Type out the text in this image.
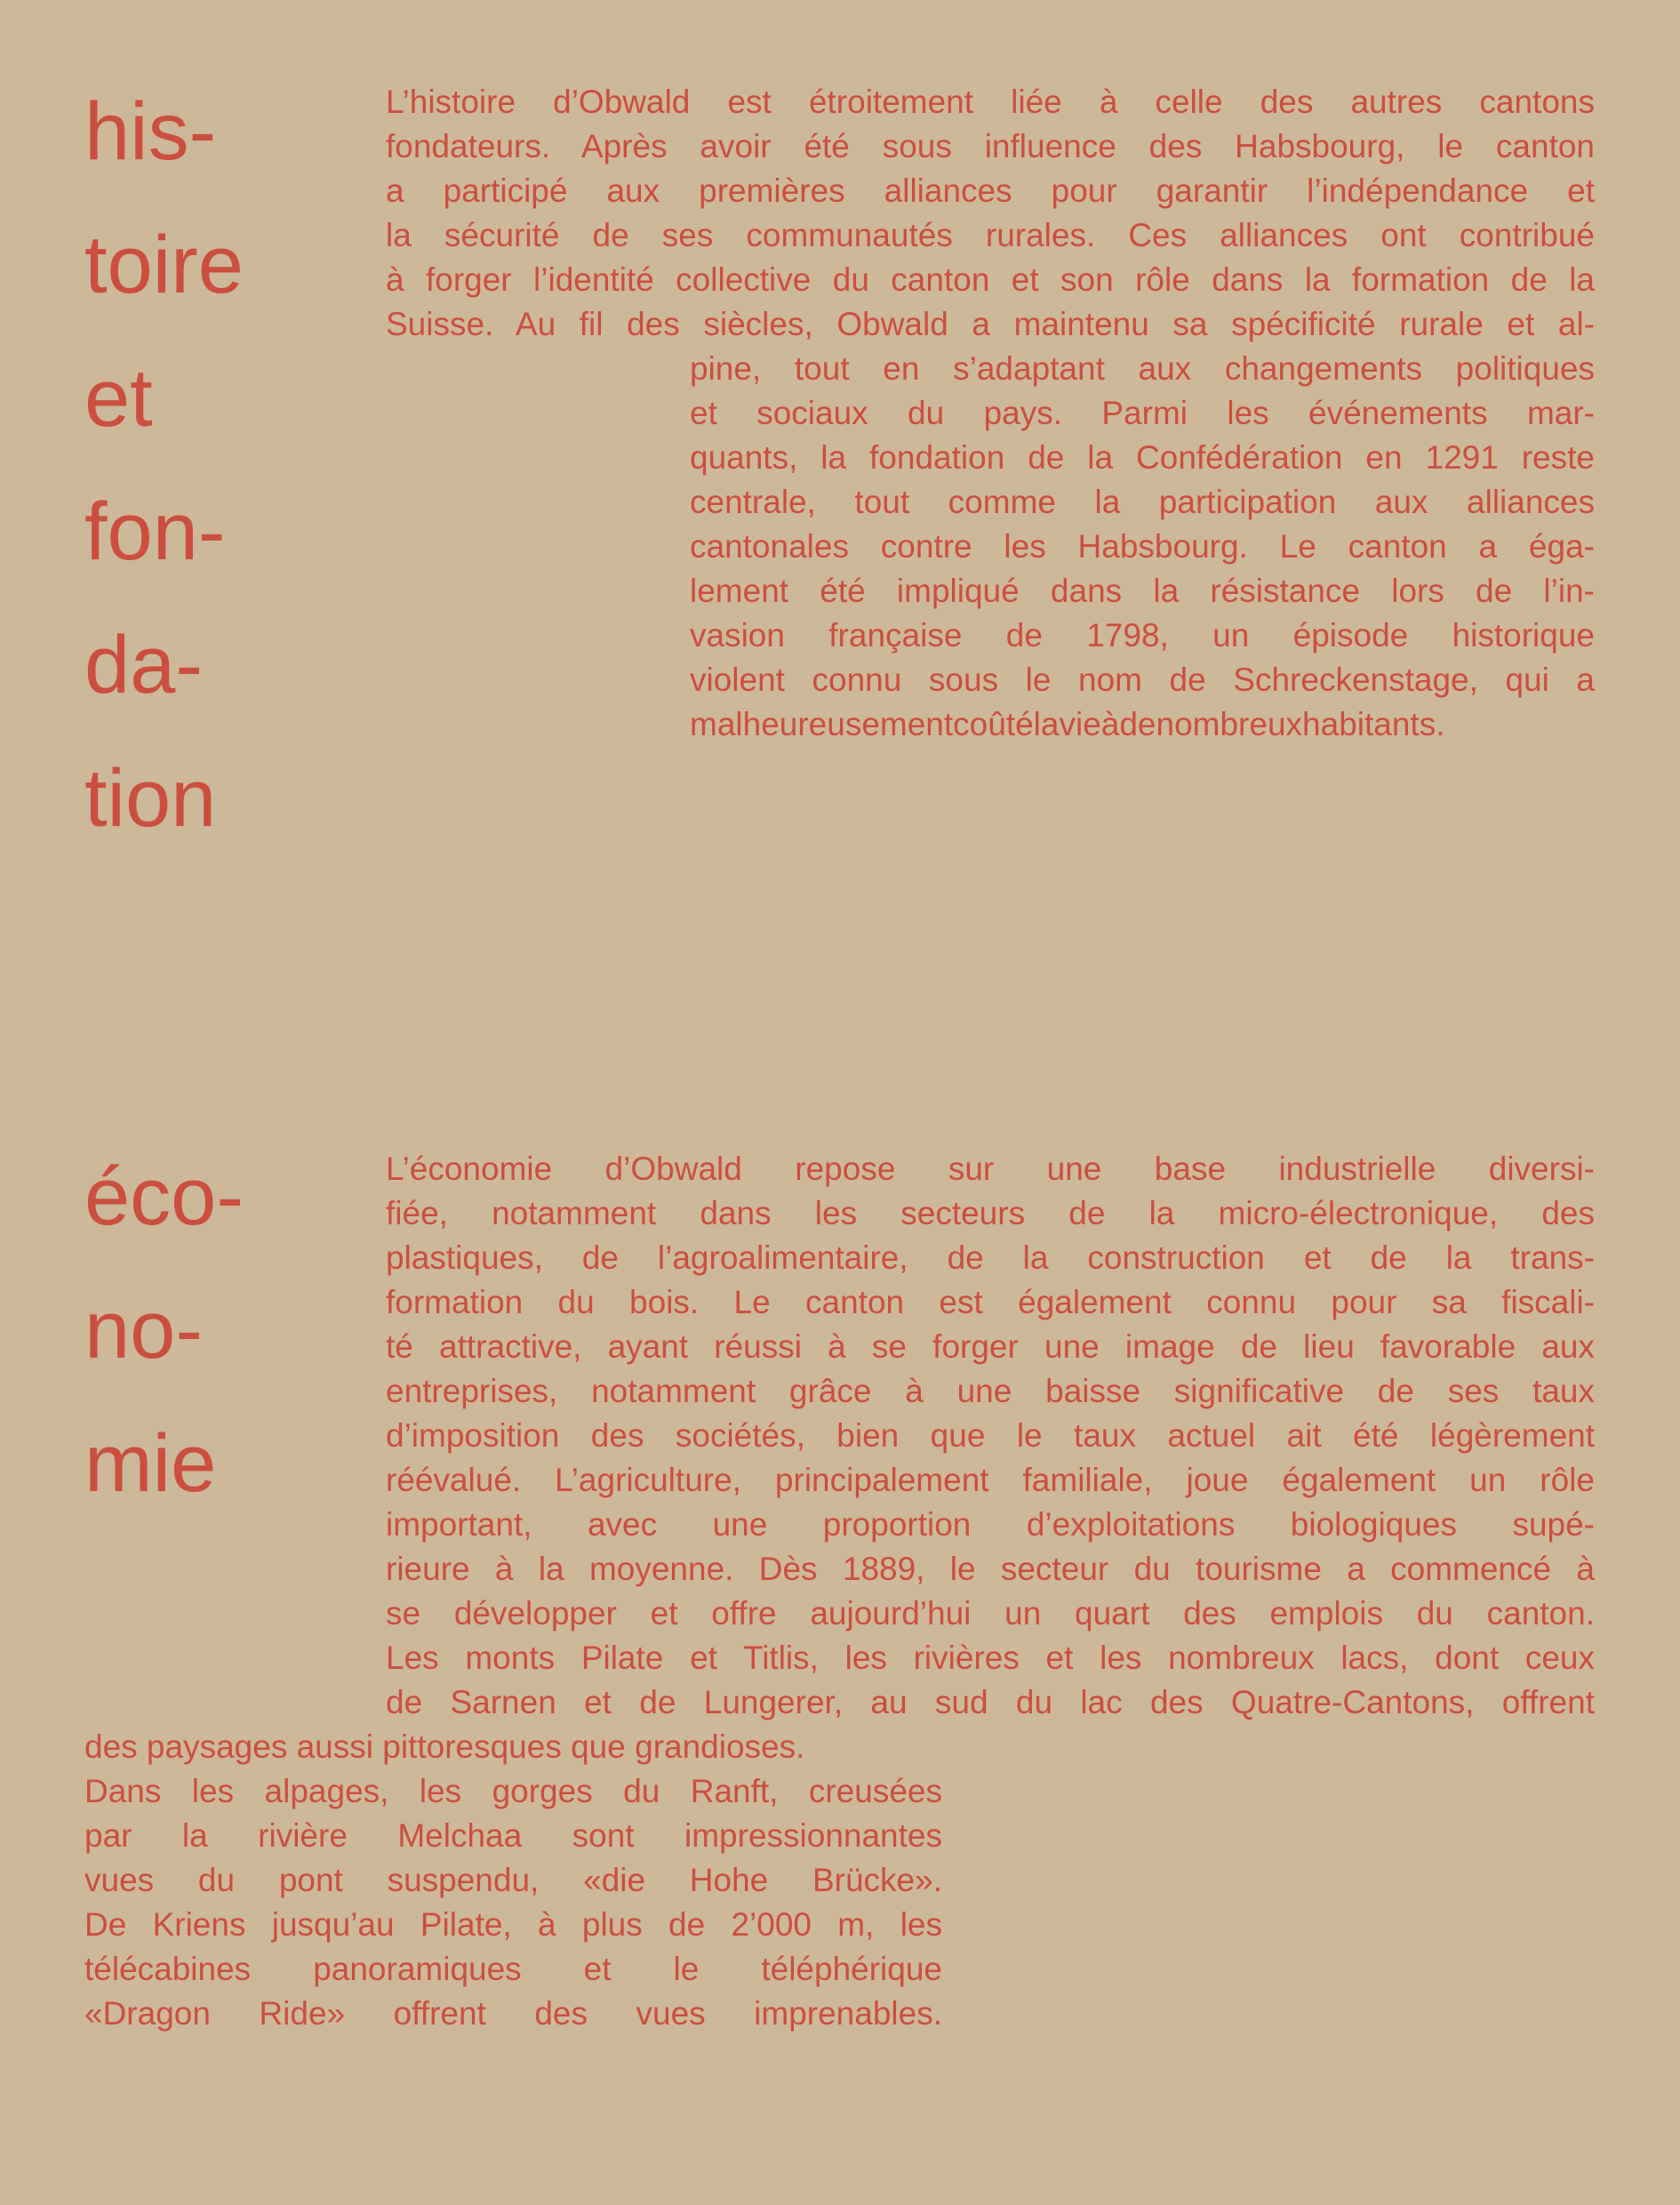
his-
toire
et
fon-
da-
tion
L’histoire d’Obwald est étroitement liée à celle des autres cantons
fondateurs. Après avoir été sous influence des Habsbourg, le canton
a participé aux premières alliances pour garantir l’indépendance et
la sécurité de ses communautés rurales. Ces alliances ont contribué
à forger l’identité collective du canton et son rôle dans la formation de la
Suisse. Au fil des siècles, Obwald a maintenu sa spécificité rurale et al-
pine, tout en s’adaptant aux changements politiques
et sociaux du pays. Parmi les événements mar-
quants, la fondation de la Confédération en 1291 reste
centrale, tout comme la participation aux alliances
cantonales contre les Habsbourg. Le canton a éga-
lement été impliqué dans la résistance lors de l’in-
vasion française de 1798, un épisode historique
violent connu sous le nom de Schreckenstage, qui a
malheureusementcoûtélavieàdenombreuxhabitants.
éco-
no-
mie
L’économie d’Obwald repose sur une base industrielle diversi-
fiée, notamment dans les secteurs de la micro-électronique, des
plastiques, de l’agroalimentaire, de la construction et de la trans-
formation du bois. Le canton est également connu pour sa fiscali-
té attractive, ayant réussi à se forger une image de lieu favorable aux
entreprises, notamment grâce à une baisse significative de ses taux
d’imposition des sociétés, bien que le taux actuel ait été légèrement
réévalué. L’agriculture, principalement familiale, joue également un rôle
important, avec une proportion d’exploitations biologiques supé-
rieure à la moyenne. Dès 1889, le secteur du tourisme a commencé à
se développer et offre aujourd’hui un quart des emplois du canton.
Les monts Pilate et Titlis, les rivières et les nombreux lacs, dont ceux
de Sarnen et de Lungerer, au sud du lac des Quatre-Cantons, offrent
des paysages aussi pittoresques que grandioses.
Dans les alpages, les gorges du Ranft, creusées
par la rivière Melchaa sont impressionnantes
vues du pont suspendu, «die Hohe Brücke».
De Kriens jusqu’au Pilate, à plus de 2’000 m, les
télécabines panoramiques et le téléphérique
«Dragon Ride» offrent des vues imprenables.
